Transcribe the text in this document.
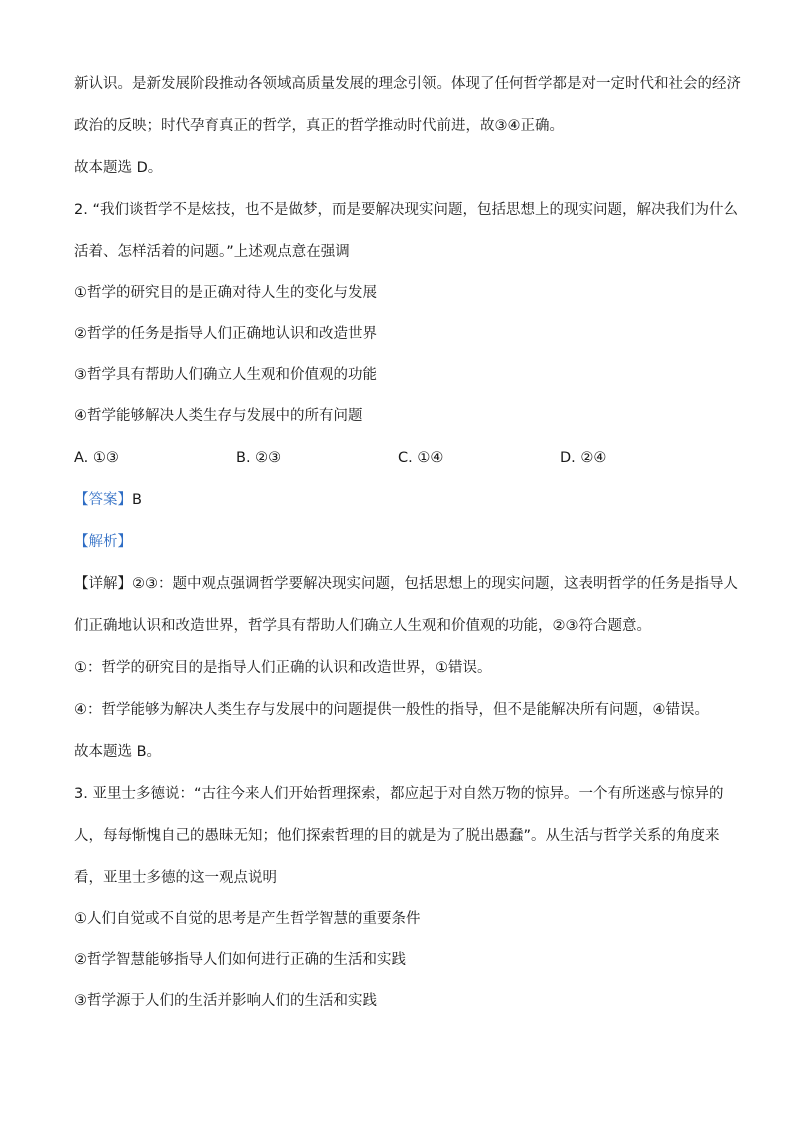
新认识。是新发展阶段推动各领域高质量发展的理念引领。体现了任何哲学都是对一定时代和社会的经济
政治的反映；时代孕育真正的哲学，真正的哲学推动时代前进，故③④正确。
故本题选 D。
2. “我们谈哲学不是炫技，也不是做梦，而是要解决现实问题，包括思想上的现实问题，解决我们为什么
活着、怎样活着的问题。”上述观点意在强调
①哲学的研究目的是正确对待人生的变化与发展
②哲学的任务是指导人们正确地认识和改造世界
③哲学具有帮助人们确立人生观和价值观的功能
④哲学能够解决人类生存与发展中的所有问题
A. ①③	B. ②③	C. ①④	D. ②④
【答案】B
【解析】
【详解】②③：题中观点强调哲学要解决现实问题，包括思想上的现实问题，这表明哲学的任务是指导人
们正确地认识和改造世界，哲学具有帮助人们确立人生观和价值观的功能，②③符合题意。
①：哲学的研究目的是指导人们正确的认识和改造世界，①错误。
④：哲学能够为解决人类生存与发展中的问题提供一般性的指导，但不是能解决所有问题，④错误。
故本题选 B。
3. 亚里士多德说：“古往今来人们开始哲理探索，都应起于对自然万物的惊异。一个有所迷惑与惊异的
人，每每惭愧自己的愚昧无知；他们探索哲理的目的就是为了脱出愚蠢”。从生活与哲学关系的角度来
看，亚里士多德的这一观点说明
①人们自觉或不自觉的思考是产生哲学智慧的重要条件
②哲学智慧能够指导人们如何进行正确的生活和实践
③哲学源于人们的生活并影响人们的生活和实践
